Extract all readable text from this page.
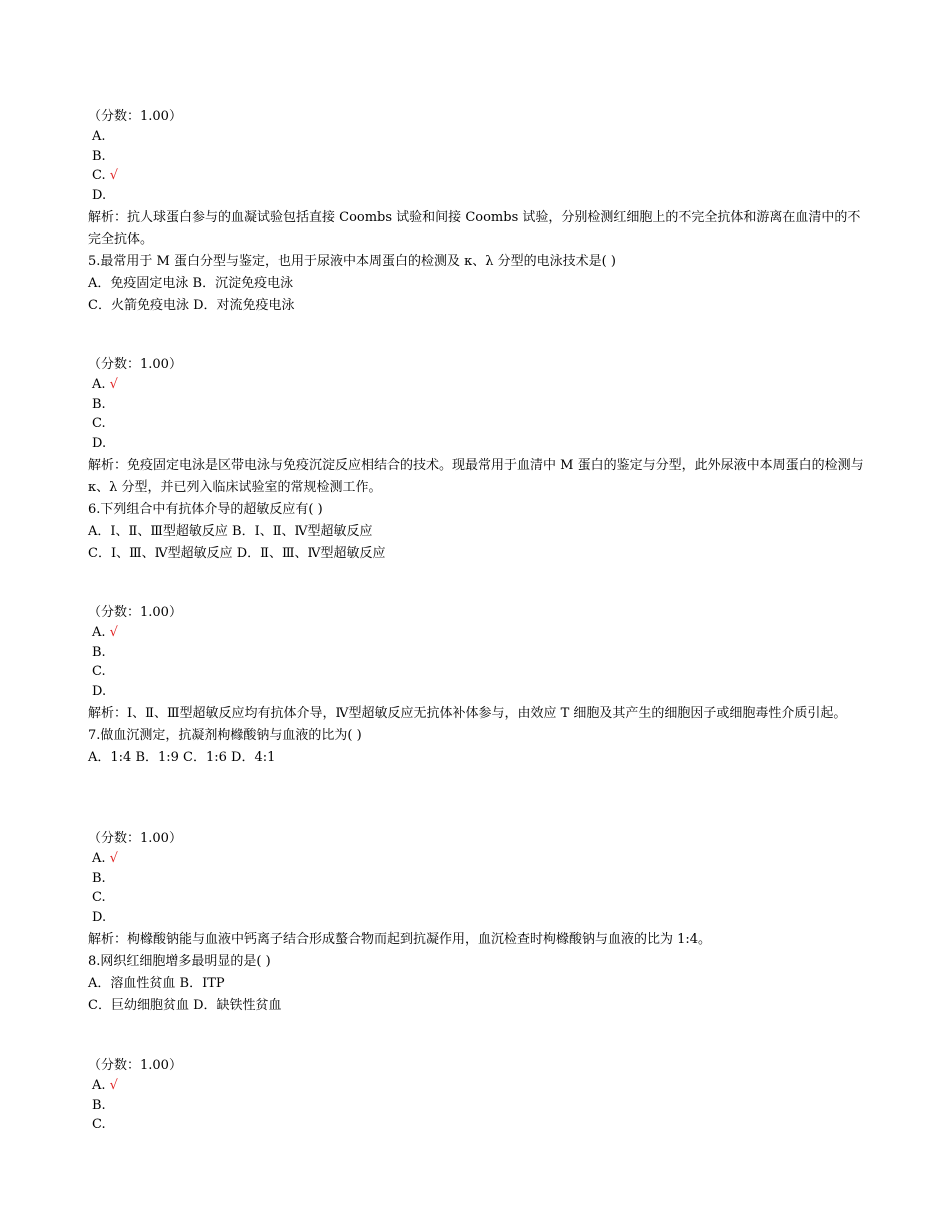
（分数：1.00）
A.
B.
C. √
D.
解析：抗人球蛋白参与的血凝试验包括直接 Coombs 试验和间接 Coombs 试验，分别检测红细胞上的不完全抗体和游离在血清中的不完全抗体。
5.最常用于 M 蛋白分型与鉴定，也用于尿液中本周蛋白的检测及 κ、λ 分型的电泳技术是( )
A．免疫固定电泳 B．沉淀免疫电泳
C．火箭免疫电泳 D．对流免疫电泳
（分数：1.00）
A. √
B.
C.
D.
解析：免疫固定电泳是区带电泳与免疫沉淀反应相结合的技术。现最常用于血清中 M 蛋白的鉴定与分型，此外尿液中本周蛋白的检测与 κ、λ 分型，并已列入临床试验室的常规检测工作。
6.下列组合中有抗体介导的超敏反应有( )
A．Ⅰ、Ⅱ、Ⅲ型超敏反应 B．Ⅰ、Ⅱ、Ⅳ型超敏反应
C．Ⅰ、Ⅲ、Ⅳ型超敏反应 D．Ⅱ、Ⅲ、Ⅳ型超敏反应
（分数：1.00）
A. √
B.
C.
D.
解析：Ⅰ、Ⅱ、Ⅲ型超敏反应均有抗体介导，Ⅳ型超敏反应无抗体补体参与，由效应 T 细胞及其产生的细胞因子或细胞毒性介质引起。
7.做血沉测定，抗凝剂枸橼酸钠与血液的比为( )
A．1:4 B．1:9 C．1:6 D．4:1
（分数：1.00）
A. √
B.
C.
D.
解析：枸橼酸钠能与血液中钙离子结合形成螯合物而起到抗凝作用，血沉检查时枸橼酸钠与血液的比为 1:4。
8.网织红细胞增多最明显的是( )
A．溶血性贫血 B．ITP
C．巨幼细胞贫血 D．缺铁性贫血
（分数：1.00）
A. √
B.
C.
